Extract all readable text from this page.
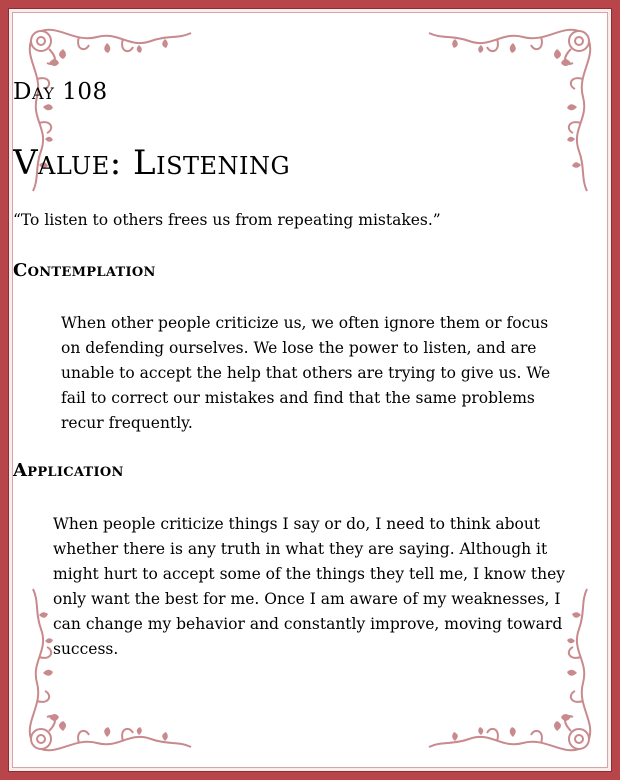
Day 108
Value: Listening
“To listen to others frees us from repeating mistakes.”
Contemplation
When other people criticize us, we often ignore them or focus on defending ourselves. We lose the power to listen, and are unable to accept the help that others are trying to give us. We fail to correct our mistakes and find that the same problems recur frequently.
Application
When people criticize things I say or do, I need to think about whether there is any truth in what they are saying. Although it might hurt to accept some of the things they tell me, I know they only want the best for me. Once I am aware of my weaknesses, I can change my behavior and constantly improve, moving toward success.
